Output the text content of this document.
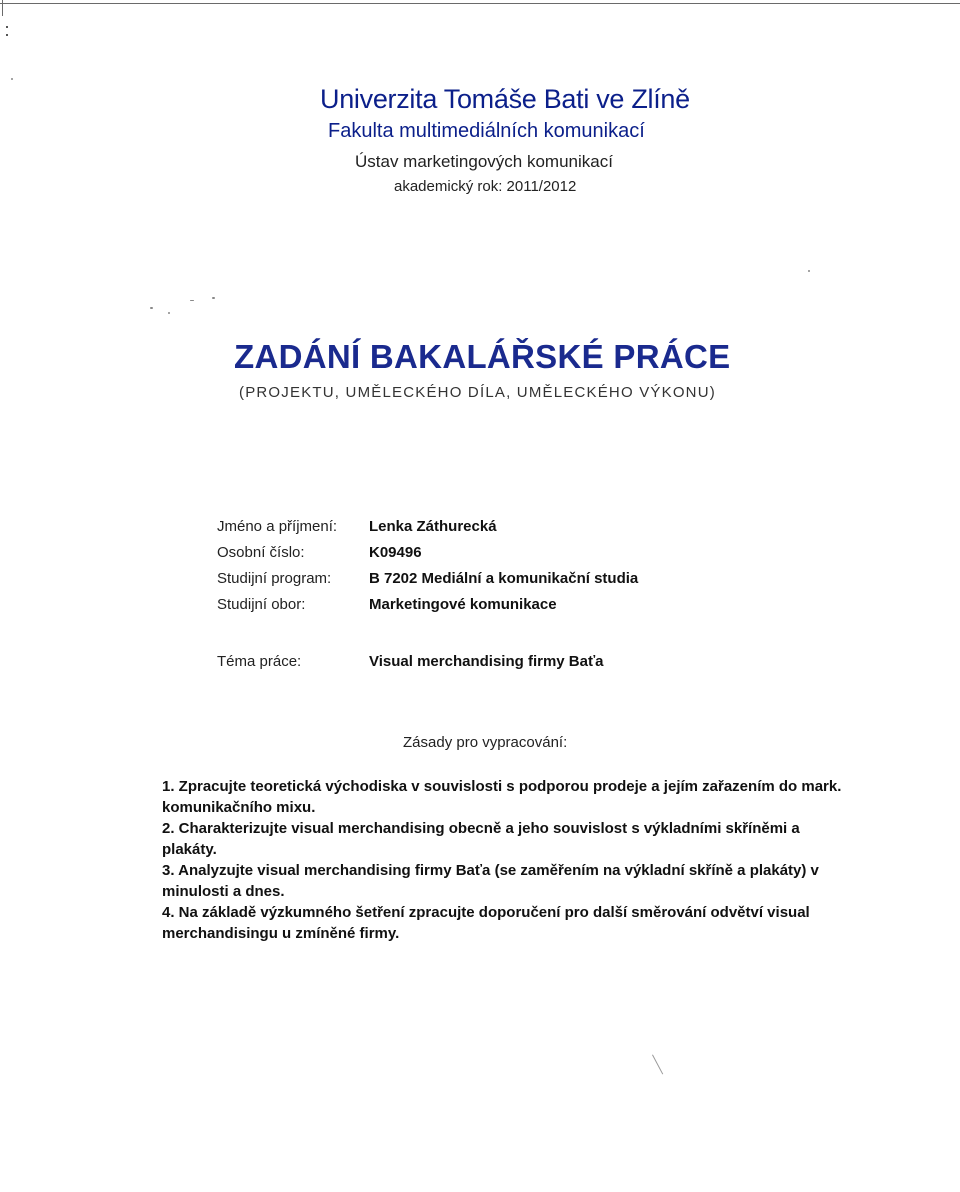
Univerzita Tomáše Bati ve Zlíně
Fakulta multimediálních komunikací
Ústav marketingových komunikací
akademický rok: 2011/2012
ZADÁNÍ BAKALÁŘSKÉ PRÁCE
(PROJEKTU, UMĚLECKÉHO DÍLA, UMĚLECKÉHO VÝKONU)
Jméno a příjmení: Lenka Záthurecká
Osobní číslo:	K09496
Studijní program:	B 7202 Mediální a komunikační studia
Studijní obor:	Marketingové komunikace
Téma práce:	Visual merchandising firmy Baťa
Zásady pro vypracování:
1. Zpracujte teoretická východiska v souvislosti s podporou prodeje a jejím zařazením do mark. komunikačního mixu.
2. Charakterizujte visual merchandising obecně a jeho souvislost s výkladními skříněmi a plakáty.
3. Analyzujte visual merchandising firmy Baťa (se zaměřením na výkladní skříně a plakáty) v minulosti a dnes.
4. Na základě výzkumného šetření zpracujte doporučení pro další směrování odvětví visual merchandisingu u zmíněné firmy.
